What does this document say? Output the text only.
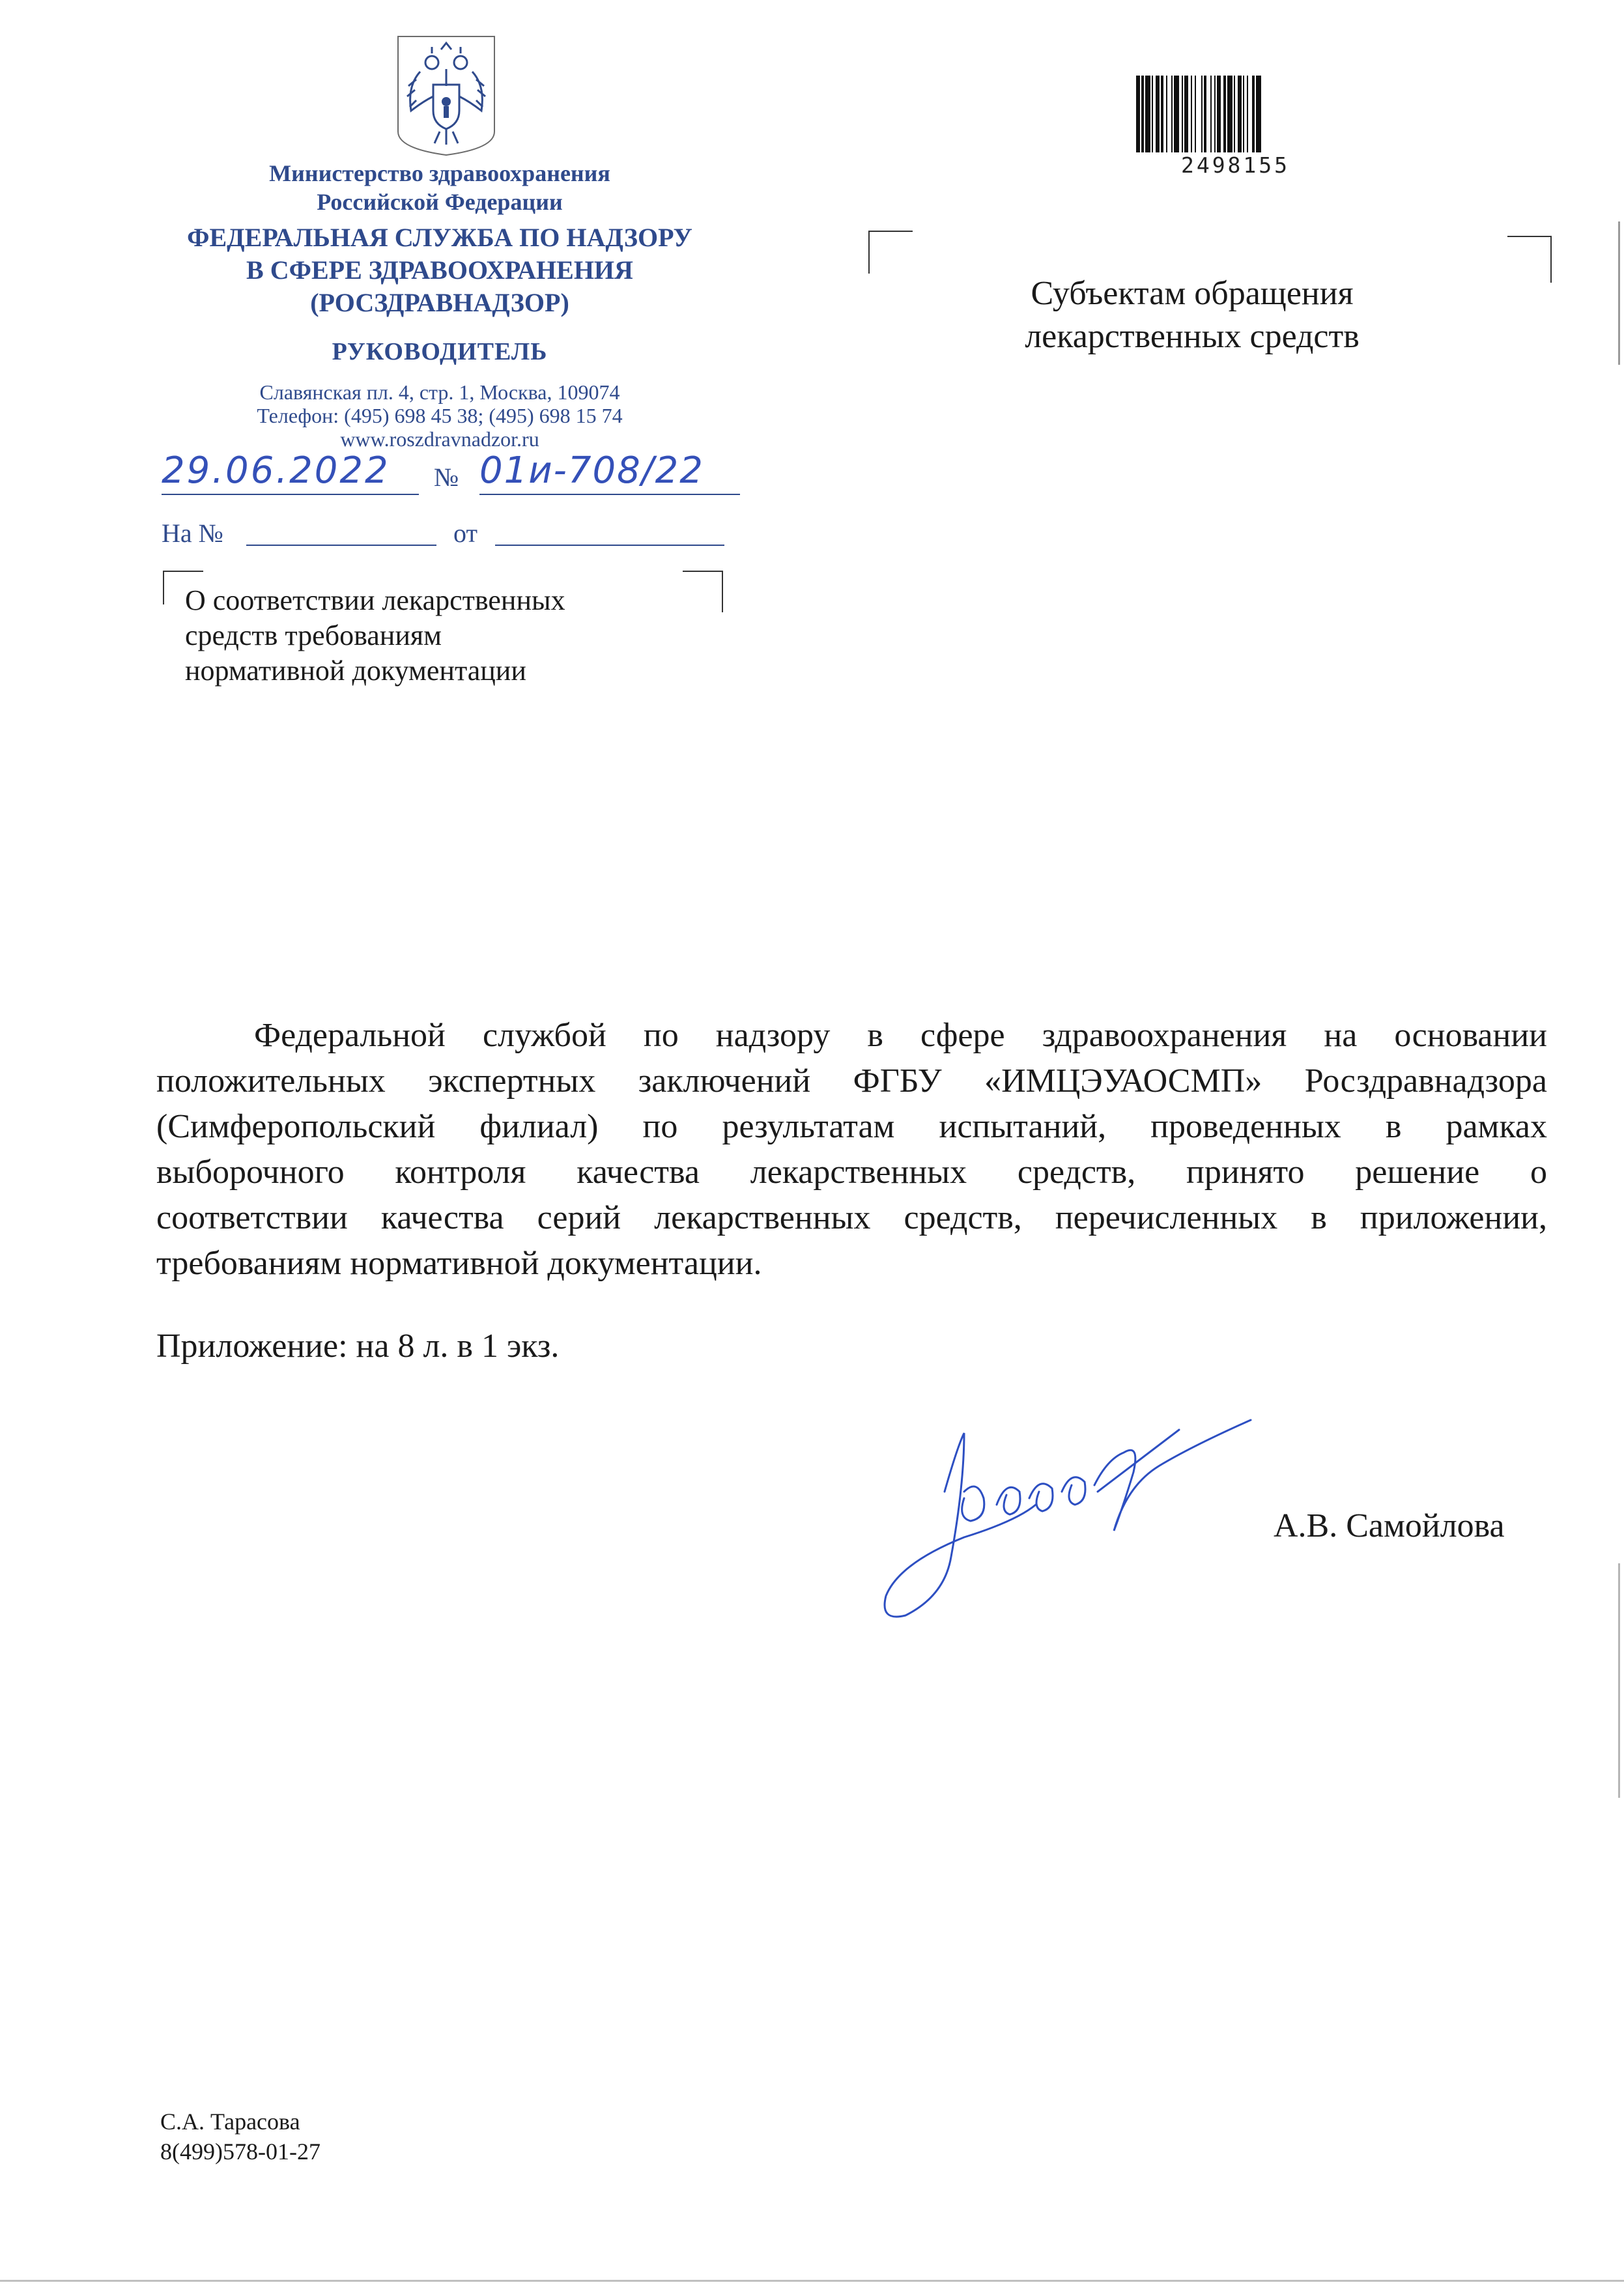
Министерство здравоохранения
Российской Федерации
ФЕДЕРАЛЬНАЯ СЛУЖБА ПО НАДЗОРУ
В СФЕРЕ ЗДРАВООХРАНЕНИЯ
(РОСЗДРАВНАДЗОР)
РУКОВОДИТЕЛЬ
Славянская пл. 4, стр. 1, Москва, 109074
Телефон: (495) 698 45 38; (495) 698 15 74
www.roszdravnadzor.ru
29.06.2022	№ 01и-708/22
На №	от
О соответствии лекарственных
средств требованиям
нормативной документации
2498155
Субъектам обращения
лекарственных средств
Федеральной службой по надзору в сфере здравоохранения на основании
положительных экспертных заключений ФГБУ «ИМЦЭУАОСМП» Росздравнадзора
(Симферопольский филиал) по результатам испытаний, проведенных в рамках
выборочного контроля качества лекарственных средств, принято решение о
соответствии качества серий лекарственных средств, перечисленных в приложении,
требованиям нормативной документации.
Приложение: на 8 л. в 1 экз.
А.В. Самойлова
С.А. Тарасова
8(499)578-01-27
